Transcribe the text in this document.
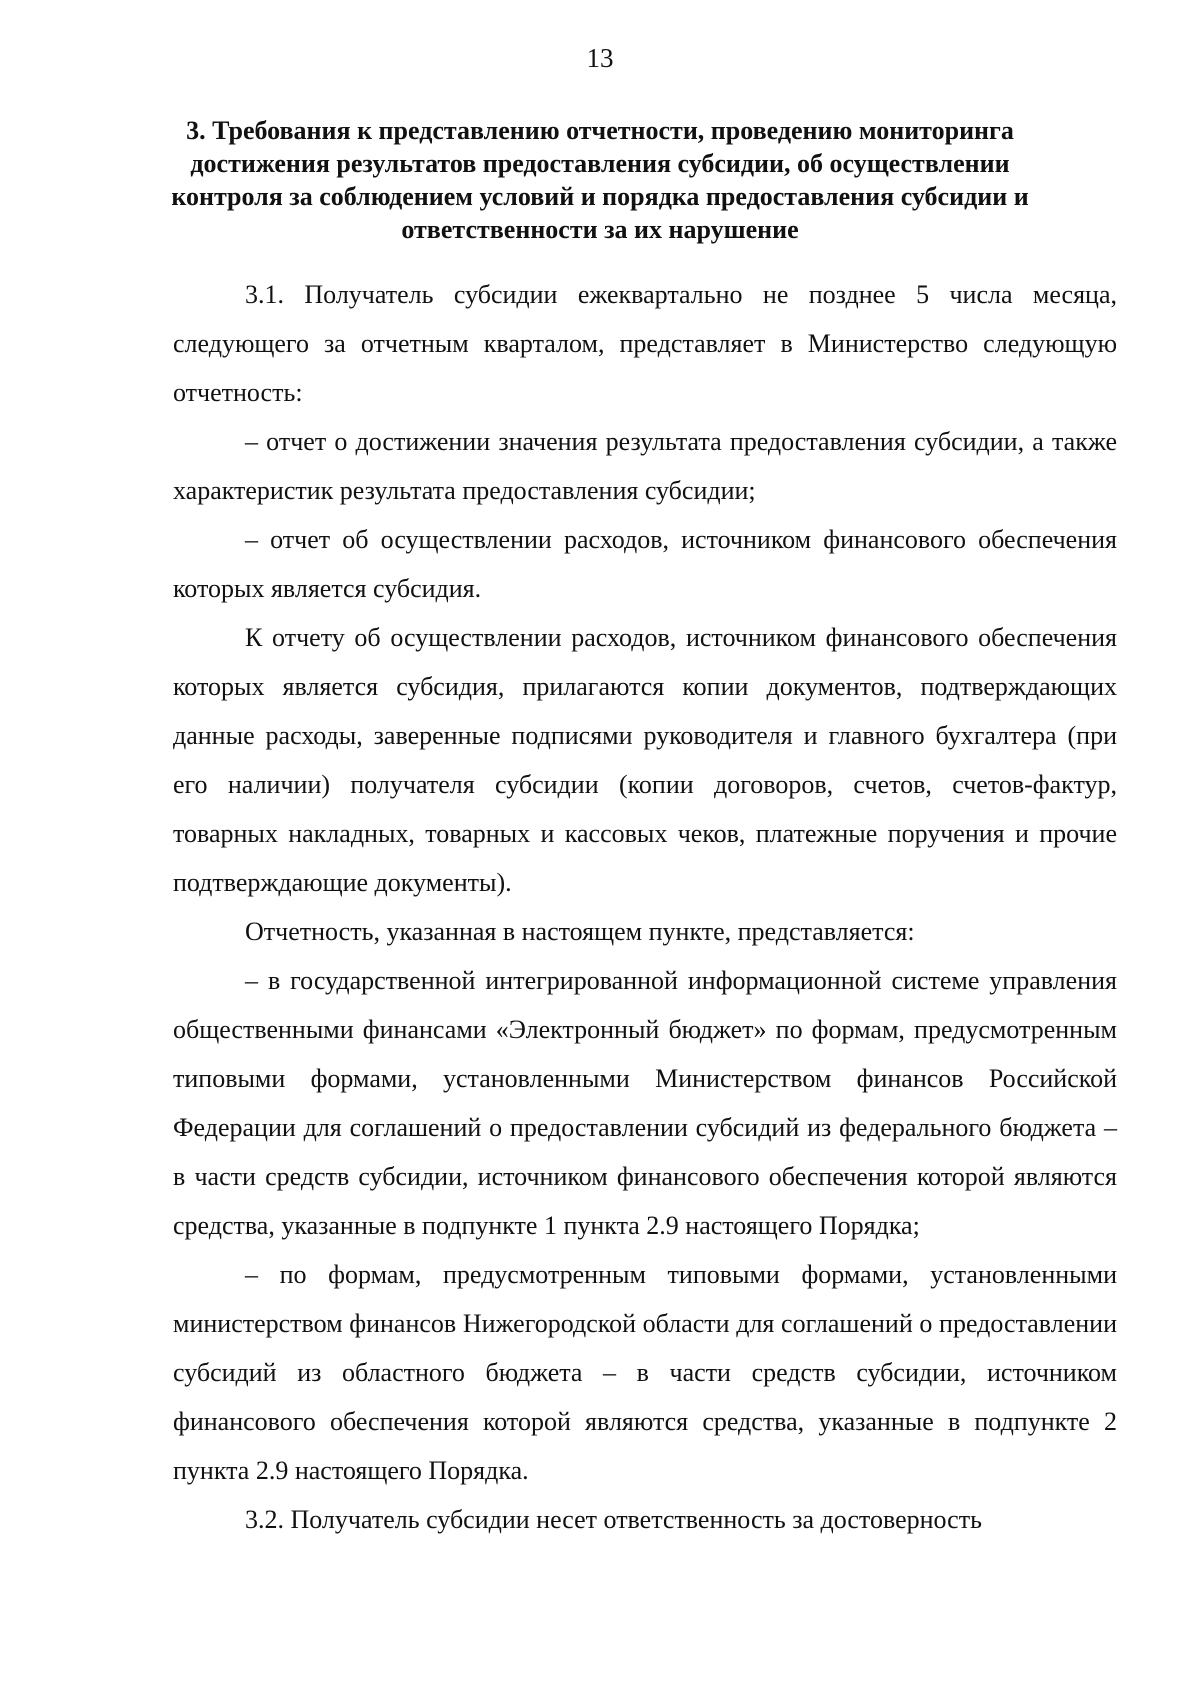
13
3. Требования к представлению отчетности, проведению мониторинга достижения результатов предоставления субсидии, об осуществлении контроля за соблюдением условий и порядка предоставления субсидии и ответственности за их нарушение

3.1. Получатель субсидии ежеквартально не позднее 5 числа месяца, следующего за отчетным кварталом, представляет в Министерство следующую отчетность:

– отчет о достижении значения результата предоставления субсидии, а также характеристик результата предоставления субсидии;

– отчет об осуществлении расходов, источником финансового обеспечения которых является субсидия.

К отчету об осуществлении расходов, источником финансового обеспечения которых является субсидия, прилагаются копии документов, подтверждающих данные расходы, заверенные подписями руководителя и главного бухгалтера (при его наличии) получателя субсидии (копии договоров, счетов, счетов-фактур, товарных накладных, товарных и кассовых чеков, платежные поручения и прочие подтверждающие документы).

Отчетность, указанная в настоящем пункте, представляется:

– в государственной интегрированной информационной системе управления общественными финансами «Электронный бюджет» по формам, предусмотренным типовыми формами, установленными Министерством финансов Российской Федерации для соглашений о предоставлении субсидий из федерального бюджета – в части средств субсидии, источником финансового обеспечения которой являются средства, указанные в подпункте 1 пункта 2.9 настоящего Порядка;

– по формам, предусмотренным типовыми формами, установленными министерством финансов Нижегородской области для соглашений о предоставлении субсидий из областного бюджета – в части средств субсидии, источником финансового обеспечения которой являются средства, указанные в подпункте 2 пункта 2.9 настоящего Порядка.

3.2. Получатель субсидии несет ответственность за достоверность
